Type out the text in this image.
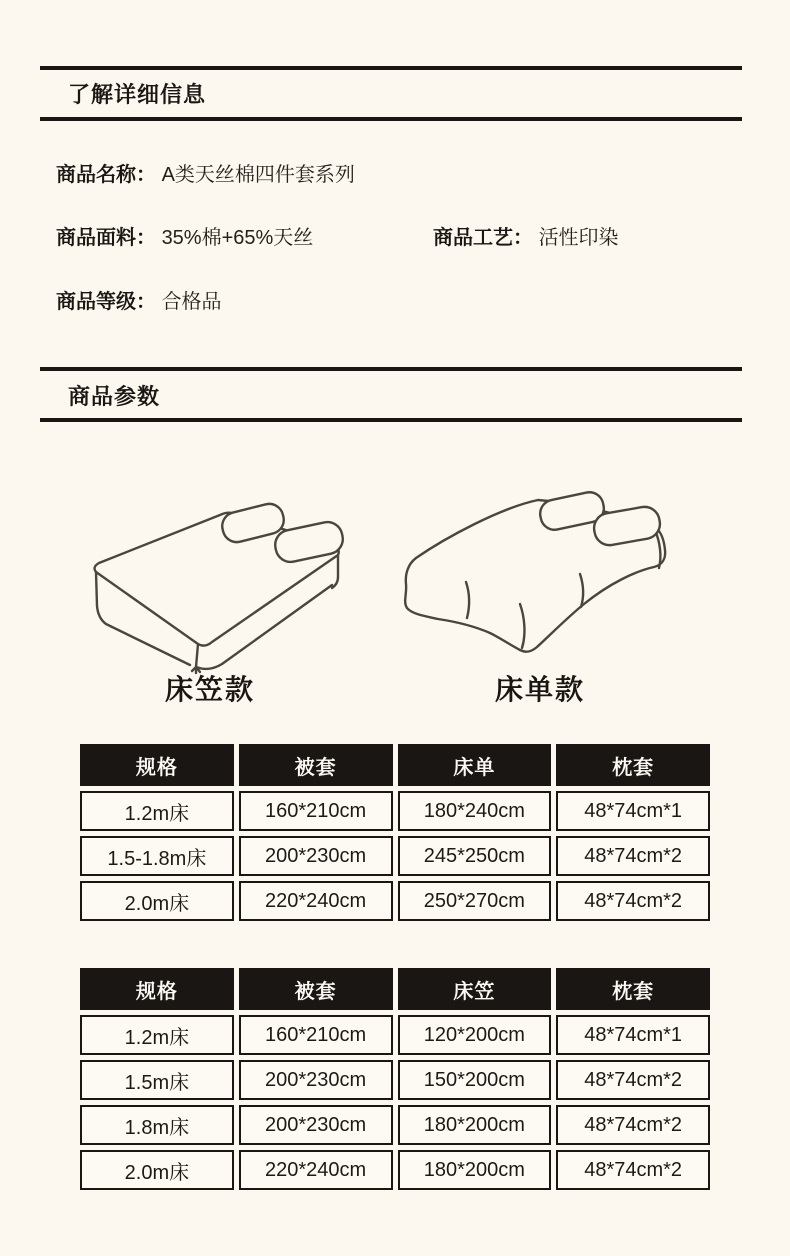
了解详细信息
商品名称： A类天丝棉四件套系列
商品面料： 35%棉+65%天丝	商品工艺： 活性印染
商品等级： 合格品
商品参数
床笠款	床单款
规格	被套	床单	枕套
1.2m床	160*210cm	180*240cm	48*74cm*1
1.5-1.8m床	200*230cm	245*250cm	48*74cm*2
2.0m床	220*240cm	250*270cm	48*74cm*2
规格	被套	床笠	枕套
1.2m床	160*210cm	120*200cm	48*74cm*1
1.5m床	200*230cm	150*200cm	48*74cm*2
1.8m床	200*230cm	180*200cm	48*74cm*2
2.0m床	220*240cm	180*200cm	48*74cm*2
